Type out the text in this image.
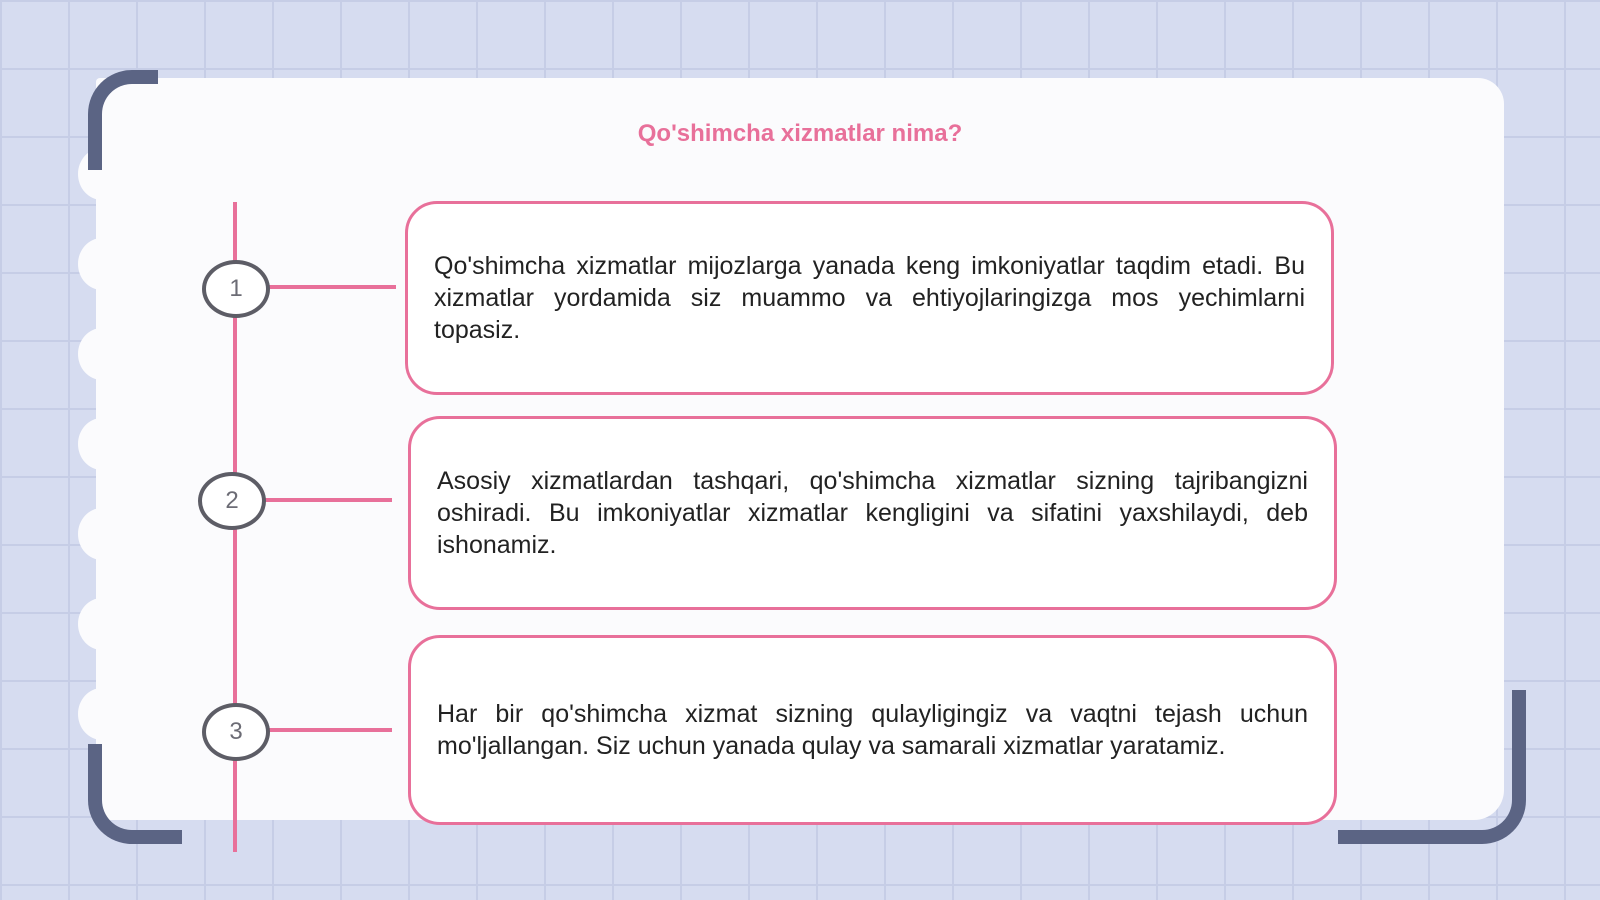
Qo'shimcha xizmatlar nima?
1
2
3

Qo'shimcha xizmatlar mijozlarga yanada keng imkoniyatlar taqdim etadi. Bu xizmatlar yordamida siz muammo va ehtiyojlaringizga mos yechimlarni topasiz.

Asosiy xizmatlardan tashqari, qo'shimcha xizmatlar sizning tajribangizni oshiradi. Bu imkoniyatlar xizmatlar kengligini va sifatini yaxshilaydi, deb ishonamiz.

Har bir qo'shimcha xizmat sizning qulayligingiz va vaqtni tejash uchun mo'ljallangan. Siz uchun yanada qulay va samarali xizmatlar yaratamiz.
